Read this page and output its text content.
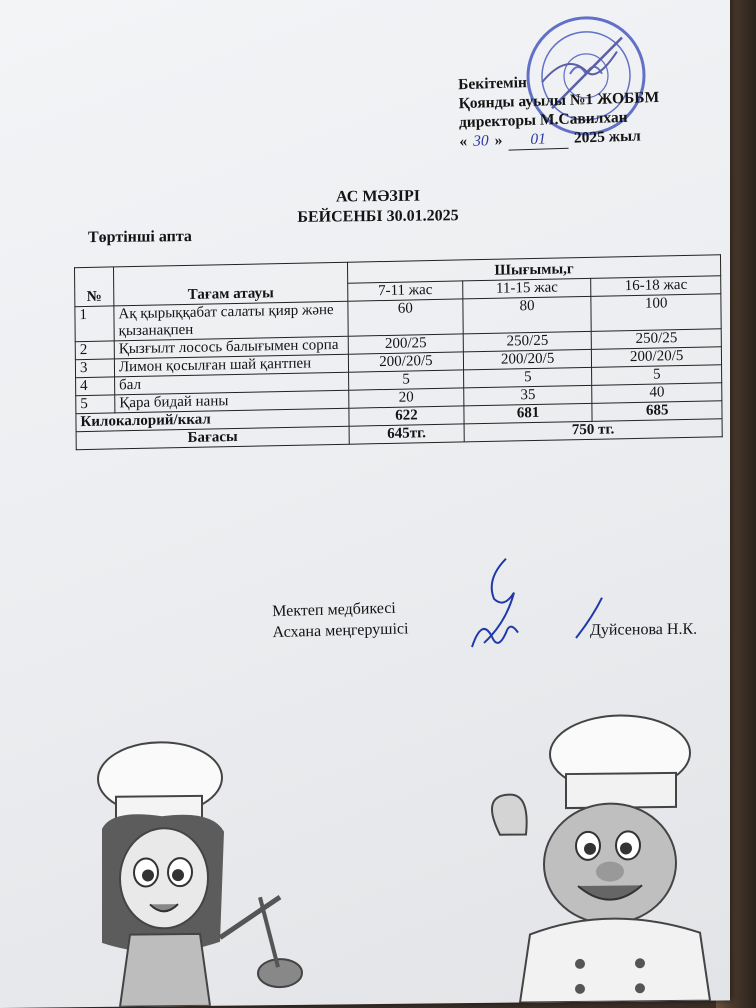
Бекітемін
Қоянды ауылы №1 ЖОББМ
директоры М.Савилхан
« 30 »	01	2025 жыл
АС МӘЗІРІ
БЕЙСЕНБІ 30.01.2025
Төртінші апта
№	Тағам атауы	Шығымы,г		
		7-11 жас	11-15 жас	16-18 жас
1	Ақ қырыққабат салаты қияр және қызанақпен	60	80	100
2	Қызғылт лосось балығымен сорпа	200/25	250/25	250/25
3	Лимон қосылған шай қантпен	200/20/5	200/20/5	200/20/5
4	бал	5	5	5
5	Қара бидай наны	20	35	40
Килокалорий/ккал		622	681	685
Бағасы		645тг.	750 тг.	
Мектеп медбикесі
Асхана меңгерушісі	Дуйсенова Н.К.
